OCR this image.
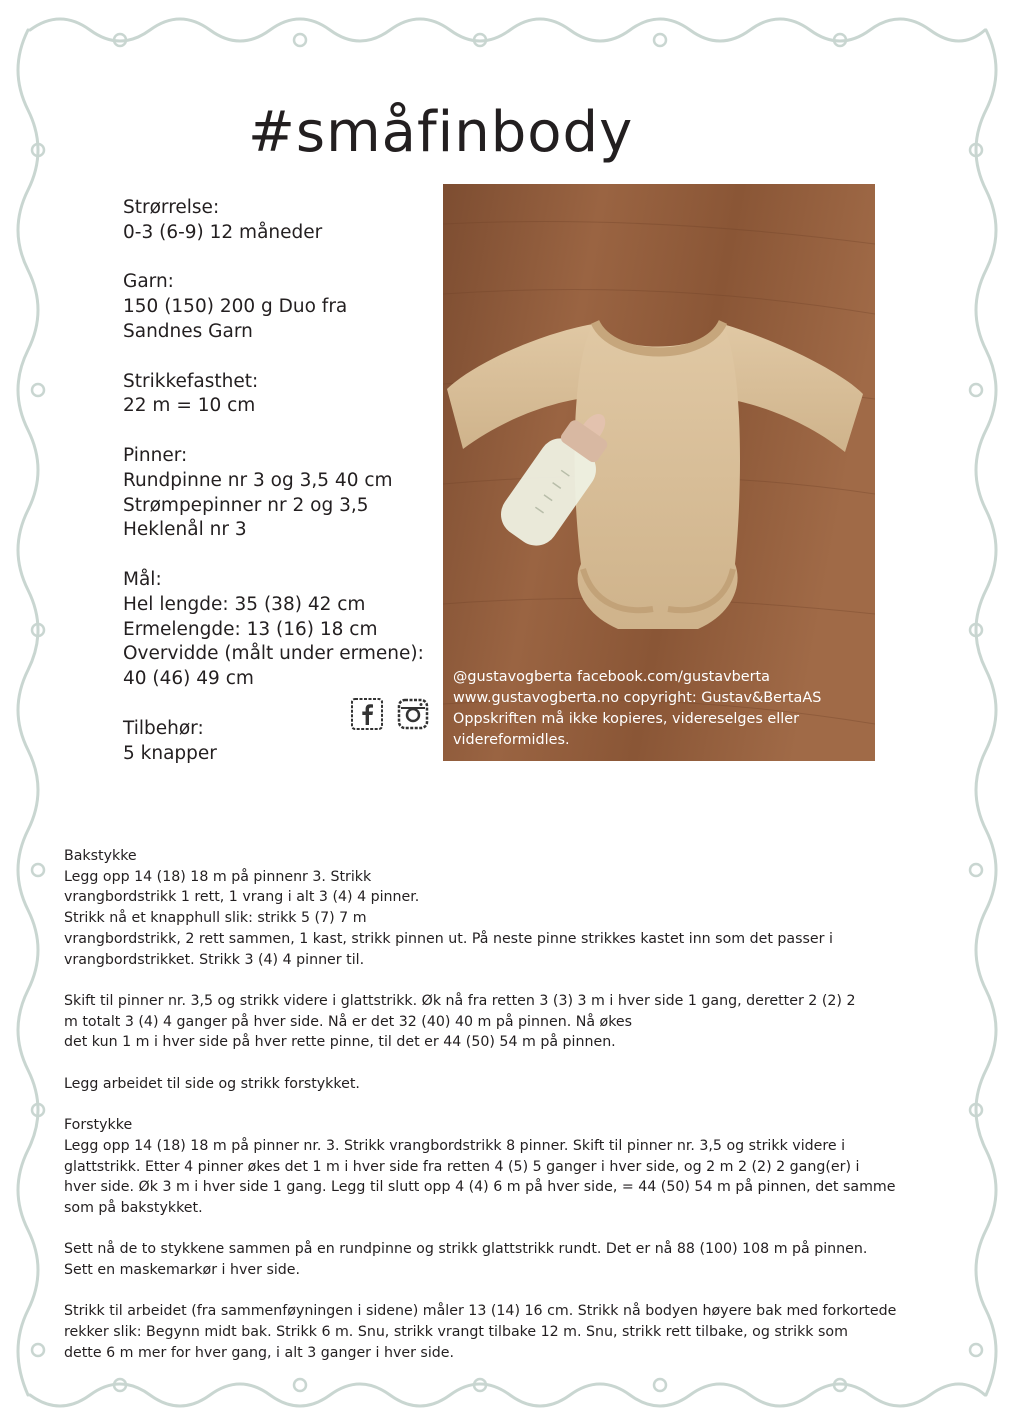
#småfinbody
Strørrelse:
0-3 (6-9) 12 måneder
Garn:
150 (150) 200 g Duo fra
Sandnes Garn
Strikkefasthet:
22 m = 10 cm
Pinner:
Rundpinne nr 3 og 3,5 40 cm
Strømpepinner nr 2 og 3,5
Heklenål nr 3
Mål:
Hel lengde: 35 (38) 42 cm
Ermelengde: 13 (16) 18 cm
Overvidde (målt under ermene):
40 (46) 49 cm
Tilbehør:
5 knapper
@gustavogberta facebook.com/gustavberta
www.gustavogberta.no copyright: Gustav&BertaAS
Oppskriften må ikke kopieres, videreselges eller
videreformidles.

Bakstykke
Legg opp 14 (18) 18 m på pinnenr 3. Strikk
vrangbordstrikk 1 rett, 1 vrang i alt 3 (4) 4 pinner.
Strikk nå et knapphull slik: strikk 5 (7) 7 m
vrangbordstrikk, 2 rett sammen, 1 kast, strikk pinnen ut. På neste pinne strikkes kastet inn som det passer i
vrangbordstrikket. Strikk 3 (4) 4 pinner til.

Skift til pinner nr. 3,5 og strikk videre i glattstrikk. Øk nå fra retten 3 (3) 3 m i hver side 1 gang, deretter 2 (2) 2
m totalt 3 (4) 4 ganger på hver side. Nå er det 32 (40) 40 m på pinnen. Nå økes
det kun 1 m i hver side på hver rette pinne, til det er 44 (50) 54 m på pinnen.

Legg arbeidet til side og strikk forstykket.

Forstykke
Legg opp 14 (18) 18 m på pinner nr. 3. Strikk vrangbordstrikk 8 pinner. Skift til pinner nr. 3,5 og strikk videre i
glattstrikk. Etter 4 pinner økes det 1 m i hver side fra retten 4 (5) 5 ganger i hver side, og 2 m 2 (2) 2 gang(er) i
hver side. Øk 3 m i hver side 1 gang. Legg til slutt opp 4 (4) 6 m på hver side, = 44 (50) 54 m på pinnen, det samme
som på bakstykket.

Sett nå de to stykkene sammen på en rundpinne og strikk glattstrikk rundt. Det er nå 88 (100) 108 m på pinnen.
Sett en maskemarkør i hver side.

Strikk til arbeidet (fra sammenføyningen i sidene) måler 13 (14) 16 cm. Strikk nå bodyen høyere bak med forkortede
rekker slik: Begynn midt bak. Strikk 6 m. Snu, strikk vrangt tilbake 12 m. Snu, strikk rett tilbake, og strikk som
dette 6 m mer for hver gang, i alt 3 ganger i hver side.
